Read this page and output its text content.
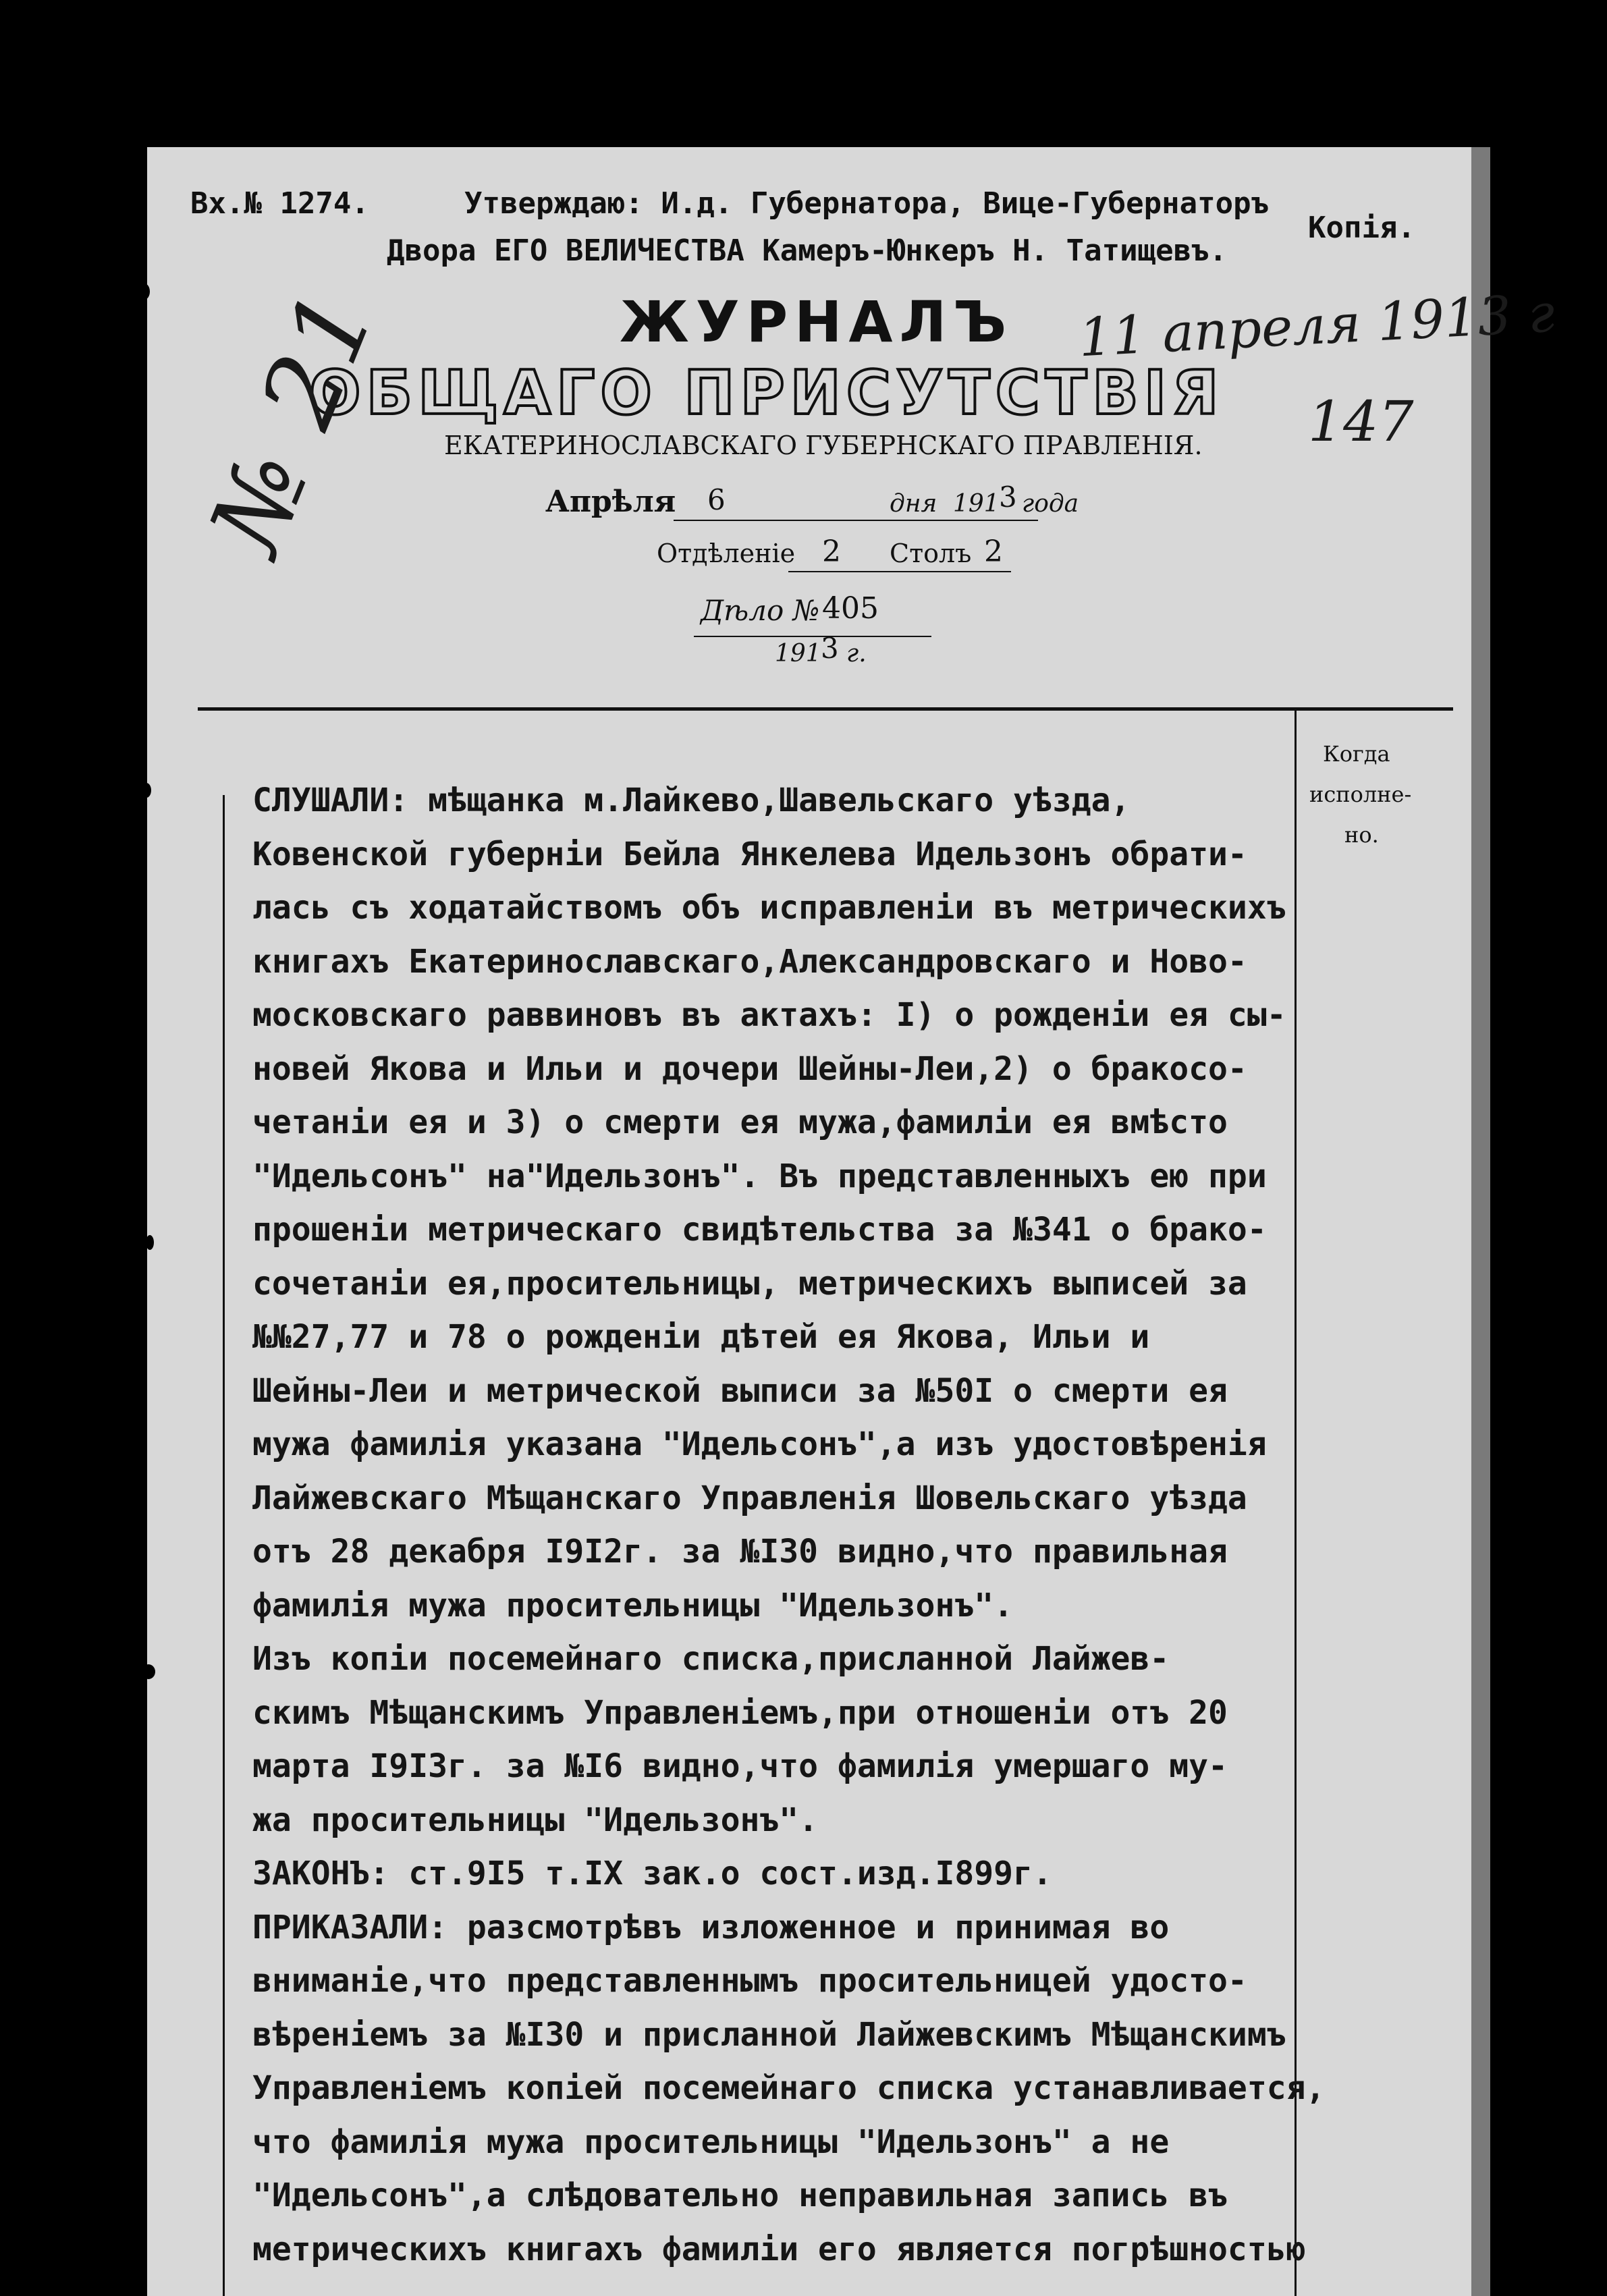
Вх.№ 1274.	Утверждаю: И.д. Губернатора, Вице-Губернаторъ
Двора ЕГО ВЕЛИЧЕСТВА Камеръ-Юнкеръ Н. Татищевъ.
Копія.
ЖУРНАЛЪ
ОБЩАГО ПРИСУТСТВІЯ
ЕКАТЕРИНОСЛАВСКАГО ГУБЕРНСКАГО ПРАВЛЕНІЯ.
11 апреля 1913 г
147
№ 21	Апрѣля 6	дня 191 3 года
Отдѣленіе 2 Столъ 2
Дѣло № 405
191 3 г.
Когда
исполне-
но.
СЛУШАЛИ: мѣщанка м.Лайкево,Шавельскаго уѣзда,
Ковенской губерніи Бейла Янкелева Идельзонъ обрати-
лась съ ходатайствомъ объ исправленіи въ метрическихъ
книгахъ Екатеринославскаго,Александровскаго и Ново-
московскаго раввиновъ въ актахъ: I) о рожденіи ея сы-
новей Якова и Ильи и дочери Шейны-Леи,2) о бракосо-
четаніи ея и 3) о смерти ея мужа,фамиліи ея вмѣсто
"Идельсонъ" на"Идельзонъ". Въ представленныхъ ею при
прошеніи метрическаго свидѣтельства за №341 о брако-
сочетаніи ея,просительницы, метрическихъ выписей за
№№27,77 и 78 о рожденіи дѣтей ея Якова, Ильи и
Шейны-Леи и метрической выписи за №50I о смерти ея
мужа фамилія указана "Идельсонъ",а изъ удостовѣренія
Лайжевскаго Мѣщанскаго Управленія Шовельскаго уѣзда
отъ 28 декабря I9I2г. за №I30 видно,что правильная
фамилія мужа просительницы "Идельзонъ".
Изъ копіи посемейнаго списка,присланной Лайжев-
скимъ Мѣщанскимъ Управленіемъ,при отношеніи отъ 20
марта I9I3г. за №I6 видно,что фамилія умершаго му-
жа просительницы "Идельзонъ".
ЗАКОНЪ: ст.9I5 т.IX зак.о сост.изд.I899г.
ПРИКАЗАЛИ: разсмотрѣвъ изложенное и принимая во
вниманіе,что представленнымъ просительницей удосто-
вѣреніемъ за №I30 и присланной Лайжевскимъ Мѣщанскимъ
Управленіемъ копіей посемейнаго списка устанавливается,
что фамилія мужа просительницы "Идельзонъ" а не
"Идельсонъ",а слѣдовательно неправильная запись въ
метрическихъ книгахъ фамиліи его является погрѣшностью
